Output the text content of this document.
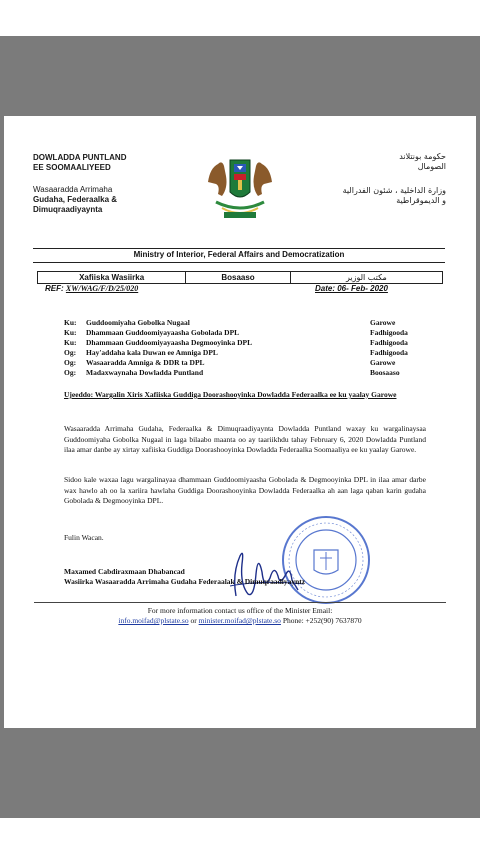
DOWLADDA PUNTLAND
EE SOOMAALIYEED
Wasaaradda Arrimaha
Gudaha, Federaalka &
Dimuqraadiyaynta
حكومة بونتلاند
الصومال
وزارة الداخلية ، شئون الفدرالية
و الديموقراطية
Ministry of Interior, Federal Affairs and Democratization
Xafiiska Wasiirka	Bosaaso	مكتب الوزير
REF: XW/WAG/F/D/25/020	Date: 06- Feb- 2020
Ku: Guddoomiyaha Gobolka Nugaal	Garowe
Ku: Dhammaan Guddoomiyayaasha Gobolada DPL	Fadhigooda
Ku: Dhammaan Guddoomiyayaasha Degmooyinka DPL	Fadhigooda
Og: Hay'addaha kala Duwan ee Amniga DPL	Fadhigooda
Og: Wasaaradda Amniga & DDR ta DPL	Garowe
Og: Madaxwaynaha Dowladda Puntland	Boosaaso
Ujeeddo: Wargalin Xiris Xafiiska Guddiga Doorashooyinka Dowladda Federaalka ee ku yaalay Garowe
Wasaaradda Arrimaha Gudaha, Federaalka & Dimuqraadiyaynta Dowladda Puntland waxay ku wargalinaysaa Guddoomiyaha Gobolka Nugaal in laga bilaabo maanta oo ay taariikhdu tahay February 6, 2020 Dowladda Puntland ilaa amar danbe ay xirtay xafiiska Guddiga Doorashooyinka Dowladda Federaalka Soomaaliya ee ku yaalay Garowe.
Sidoo kale waxaa lagu wargalinayaa dhammaan Guddoomiyaasha Gobolada & Degmooyinka DPL in ilaa amar darbe wax hawlo ah oo la xariira hawlaha Guddiga Doorashooyinka Dowladda Federaalka ah aan laga qaban karin gudaha Gobolada & Degmooyinka DPL.
Fulin Wacan.
Maxamed Cabdiraxmaan Dhabancad
Wasiirka Wasaaradda Arrimaha Gudaha Federaalak & Dimuqraadiyayntz
For more information contact us office of the Minister Email:
info.moifad@plstate.so or minister.moifad@plstate.so Phone: +252(90) 7637870
